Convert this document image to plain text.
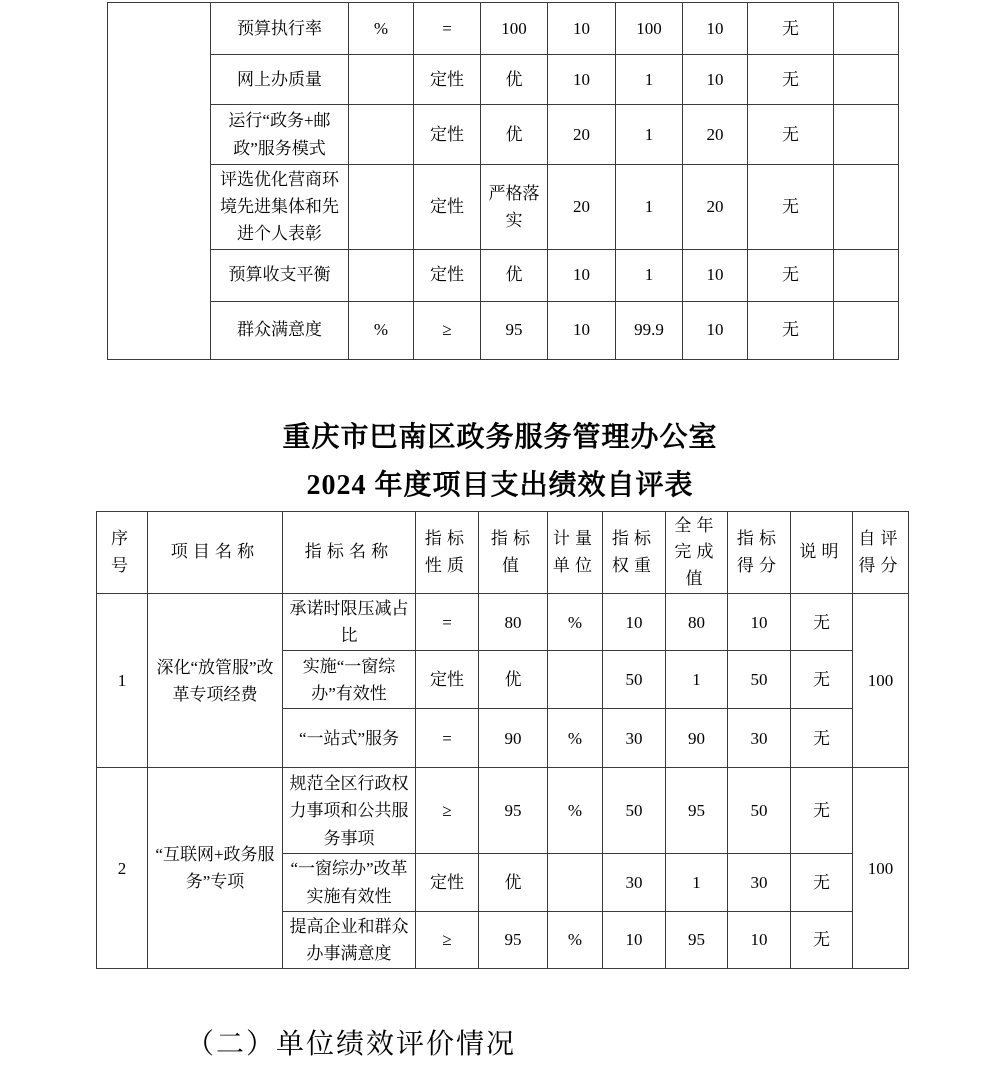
	预算执行率	%	=	100	10	100	10	无	
	网上办质量		定性	优	10	1	10	无	
	运行“政务+邮政”服务模式		定性	优	20	1	20	无	
	评选优化营商环境先进集体和先进个人表彰		定性	严格落实	20	1	20	无	
	预算收支平衡		定性	优	10	1	10	无	
	群众满意度	%	≥	95	10	99.9	10	无	
重庆市巴南区政务服务管理办公室
2024 年度项目支出绩效自评表
序号	项目名称	指标名称	指标性质	指标值	计量单位	指标权重	全年完成值	指标得分	说明	自评得分
1	深化“放管服”改革专项经费	承诺时限压减占比	=	80	%	10	80	10	无	100
		实施“一窗综办”有效性	定性	优		50	1	50	无	
		“一站式”服务	=	90	%	30	90	30	无	
2	“互联网+政务服务”专项	规范全区行政权力事项和公共服务事项	≥	95	%	50	95	50	无	100
		“一窗综办”改革实施有效性	定性	优		30	1	30	无	
		提高企业和群众办事满意度	≥	95	%	10	95	10	无	
（二）单位绩效评价情况
